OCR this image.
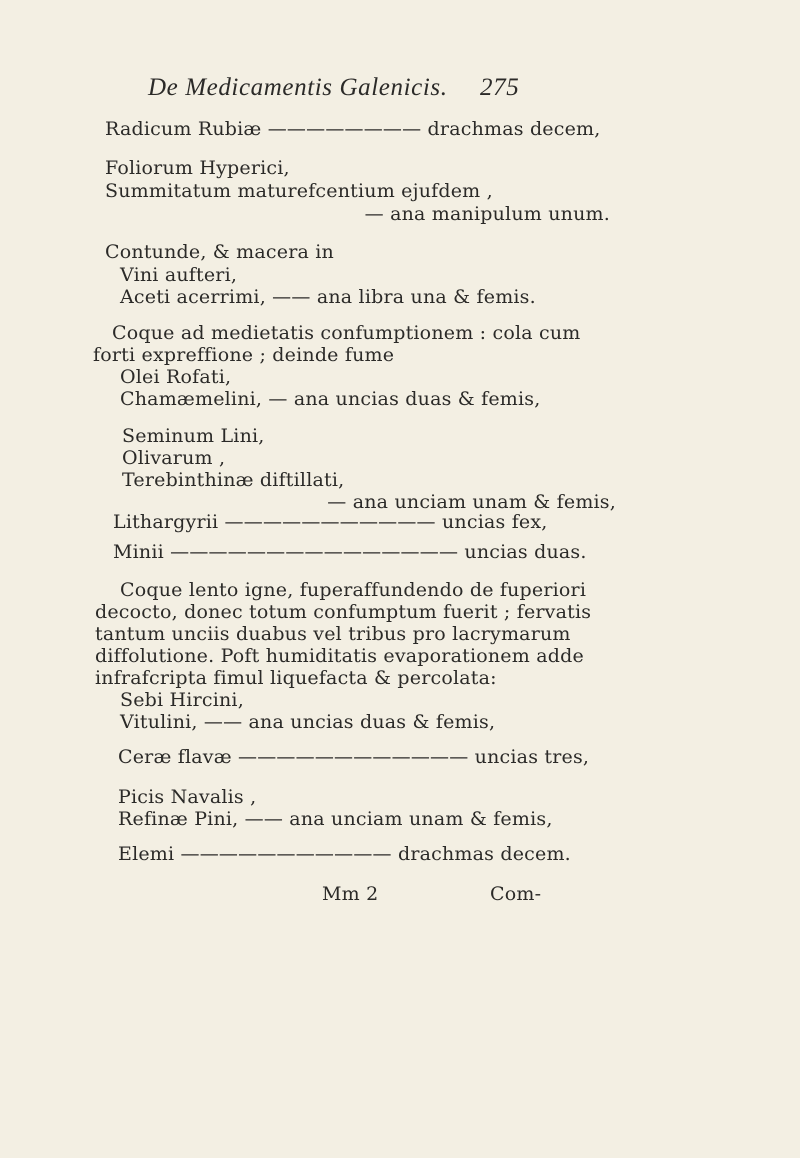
De Medicamentis Galenicis. 275
Radicum Rubiæ ———————— drachmas decem,
Foliorum Hyperici,
Summitatum maturefcentium ejufdem ,
— ana manipulum unum.
Contunde, & macera in
Vini aufteri,
Aceti acerrimi, —— ana libra una & femis.
Coque ad medietatis confumptionem : cola cum
forti expreffione ; deinde fume
Olei Rofati,
Chamæmelini, — ana uncias duas & femis,
Seminum Lini,
Olivarum ,
Terebinthinæ diftillati,
— ana unciam unam & femis,
Lithargyrii ——————————— uncias fex,
Minii ——————————————— uncias duas.
Coque lento igne, fuperaffundendo de fuperiori
decocto, donec totum confumptum fuerit ; fervatis
tantum unciis duabus vel tribus pro lacrymarum
diffolutione. Poft humiditatis evaporationem adde
infrafcripta fimul liquefacta & percolata:
Sebi Hircini,
Vitulini, —— ana uncias duas & femis,
Ceræ flavæ ———————————— uncias tres,
Picis Navalis ,
Refinæ Pini, —— ana unciam unam & femis,
Elemi ——————————— drachmas decem.
Mm 2	Com-
